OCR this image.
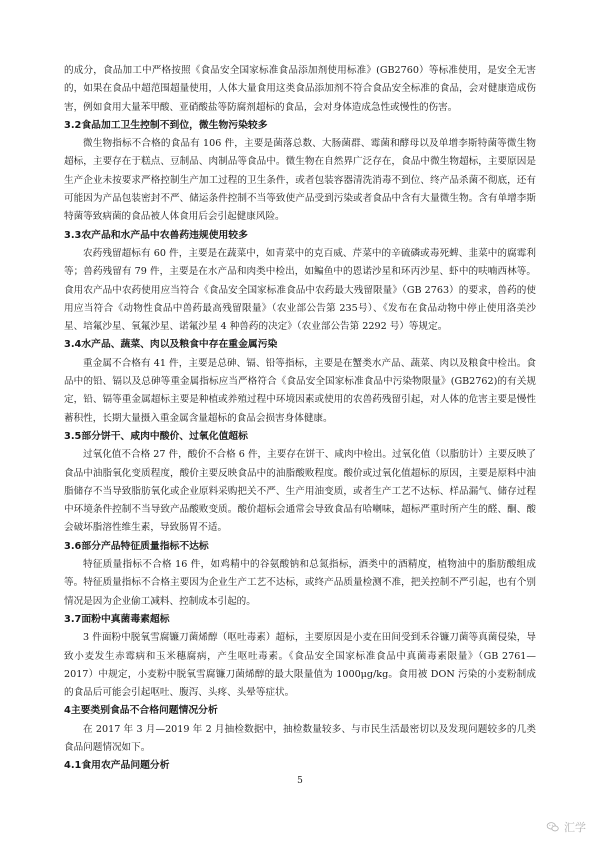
的成分，食品加工中严格按照《食品安全国家标准食品添加剂使用标准》(GB2760）等标准使用，是安全无害的，如果在食品中超范围超量使用，人体大量食用这类食品添加剂不符合食品安全标准的食品，会对健康造成伤害，例如食用大量苯甲酸、亚硝酸盐等防腐剂超标的食品，会对身体造成急性或慢性的伤害。

3.2食品加工卫生控制不到位，微生物污染较多

微生物指标不合格的食品有 106 件，主要是菌落总数、大肠菌群、霉菌和酵母以及单增李斯特菌等微生物超标，主要存在于糕点、豆制品、肉制品等食品中。微生物在自然界广泛存在，食品中微生物超标，主要原因是生产企业未按要求严格控制生产加工过程的卫生条件，或者包装容器清洗消毒不到位、终产品杀菌不彻底，还有可能因为产品包装密封不严、储运条件控制不当等致使产品受到污染或者食品中含有大量微生物。含有单增李斯特菌等致病菌的食品被人体食用后会引起健康风险。

3.3农产品和水产品中农兽药违规使用较多

农药残留超标有 60 件，主要是在蔬菜中，如青菜中的克百威、芹菜中的辛硫磷或毒死蜱、韭菜中的腐霉利等；兽药残留有 79 件，主要是在水产品和肉类中检出，如鳊鱼中的恩诺沙星和环丙沙星、虾中的呋喃西林等。食用农产品中农药使用应当符合《食品安全国家标准食品中农药最大残留限量》（GB 2763）的要求，兽药的使用应当符合《动物性食品中兽药最高残留限量》（农业部公告第 235号）、《发布在食品动物中停止使用洛美沙星、培氟沙星、氧氟沙星、诺氟沙星 4 种兽药的决定》（农业部公告第 2292 号）等规定。

3.4水产品、蔬菜、肉以及粮食中存在重金属污染

重金属不合格有 41 件，主要是总砷、镉、铅等指标，主要是在蟹类水产品、蔬菜、肉以及粮食中检出。食品中的铅、镉以及总砷等重金属指标应当严格符合《食品安全国家标准食品中污染物限量》(GB2762)的有关规定，铅、镉等重金属超标主要是种植或养殖过程中环境因素或使用的农兽药残留引起，对人体的危害主要是慢性蓄积性，长期大量摄入重金属含量超标的食品会损害身体健康。

3.5部分饼干、咸肉中酸价、过氧化值超标

过氧化值不合格 27 件，酸价不合格 6 件，主要存在饼干、咸肉中检出。过氧化值（以脂肪计）主要反映了食品中油脂氧化变质程度，酸价主要反映食品中的油脂酸败程度。酸价或过氧化值超标的原因，主要是原料中油脂储存不当导致脂肪氧化或企业原料采购把关不严、生产用油变质，或者生产工艺不达标、样品漏气、储存过程中环境条件控制不当导致产品酸败变质。酸价超标会通常会导致食品有哈喇味，超标严重时所产生的醛、酮、酸会破坏脂溶性维生素，导致肠胃不适。

3.6部分产品特征质量指标不达标

特征质量指标不合格 16 件，如鸡精中的谷氨酸钠和总氮指标，酒类中的酒精度，植物油中的脂肪酸组成等。特征质量指标不合格主要因为企业生产工艺不达标，或终产品质量检测不准，把关控制不严引起，也有个别情况是因为企业偷工减料、控制成本引起的。

3.7面粉中真菌毒素超标

3 件面粉中脱氧雪腐镰刀菌烯醇（呕吐毒素）超标，主要原因是小麦在田间受到禾谷镰刀菌等真菌侵染，导致小麦发生赤霉病和玉米穗腐病，产生呕吐毒素。《食品安全国家标准食品中真菌毒素限量》（GB 2761—2017）中规定，小麦粉中脱氧雪腐镰刀菌烯醇的最大限量值为 1000μg/kg。食用被 DON 污染的小麦粉制成的食品后可能会引起呕吐、腹泻、头疼、头晕等症状。

4主要类别食品不合格问题情况分析

在 2017 年 3 月—2019 年 2 月抽检数据中，抽检数量较多、与市民生活最密切以及发现问题较多的几类食品问题情况如下。

4.1食用农产品问题分析

5
汇学
